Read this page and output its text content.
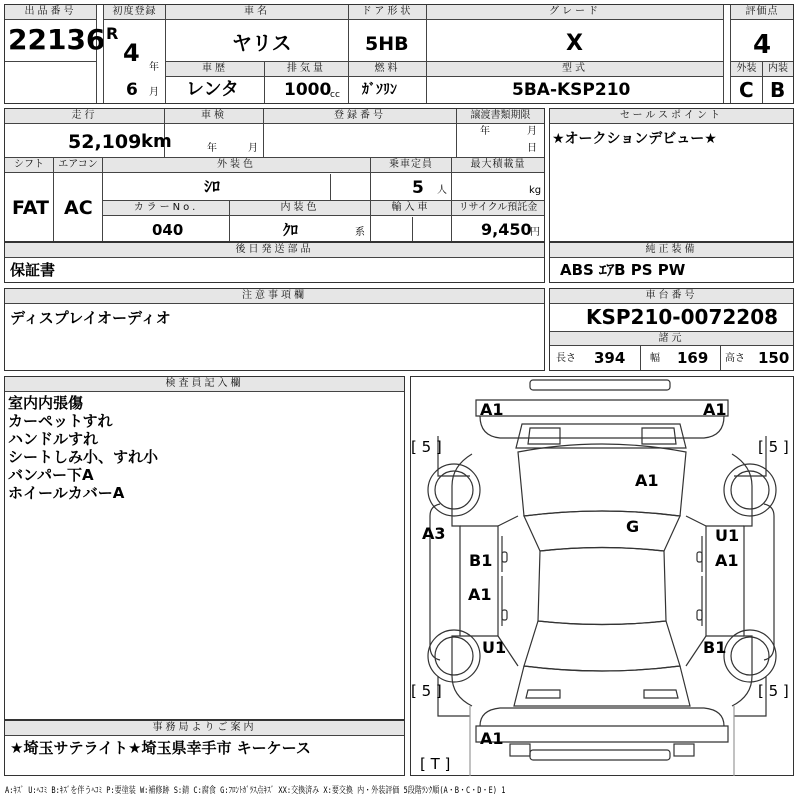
出品番号
22136
初度登録
R
4
年
6 月
車名
ヤリス
ドア形状
5HB
グレード
X
評価点
4
車歴
レンタ
排気量
1000
cc
燃料
ｶﾞｿﾘﾝ
型式
5BA-KSP210
外装	内装
C B
走行
52,109 km
車検
年	月
登録番号	譲渡書類期限
年	月
日
シフト
FAT
エアコン
AC
外装色
ｼﾛ
乗車定員
5 人
最大積載量
kg
カラーNo.
040
内装色
ｸﾛ	系
輸入車	リサイクル預託金
9,450
円
後日発送部品
保証書
セールスポイント
★オークションデビュー★
純正装備
ABS ｴｱB PS PW
注意事項欄
ディスプレイオーディオ
車台番号
KSP210-0072208
諸元
長さ 394 幅 169 高さ 150
検査員記入欄
室内内張傷
カーペットすれ
ハンドルすれ
シートしみ小、すれ小
バンパー下A
ホイールカバーA
事務局よりご案内
★埼玉サテライト★埼玉県幸手市 キーケース
A1	A1
[ 5 ]	[ 5 ]
A1
G
A3	U1
B1	A1
A1
U1	B1
[ 5 ]	[ 5 ]
A1
[ T ]
A:ｷｽﾞ U:ﾍｺﾐ B:ｷｽﾞを伴うﾍｺﾐ P:要塗装 W:補修跡 S:錆 C:腐食 G:ﾌﾛﾝﾄｶﾞﾗｽ点ｷｽﾞ XX:交換済み X:要交換 内・外装評価 5段階ﾗﾝｸ順(A・B・C・D・E) 1
